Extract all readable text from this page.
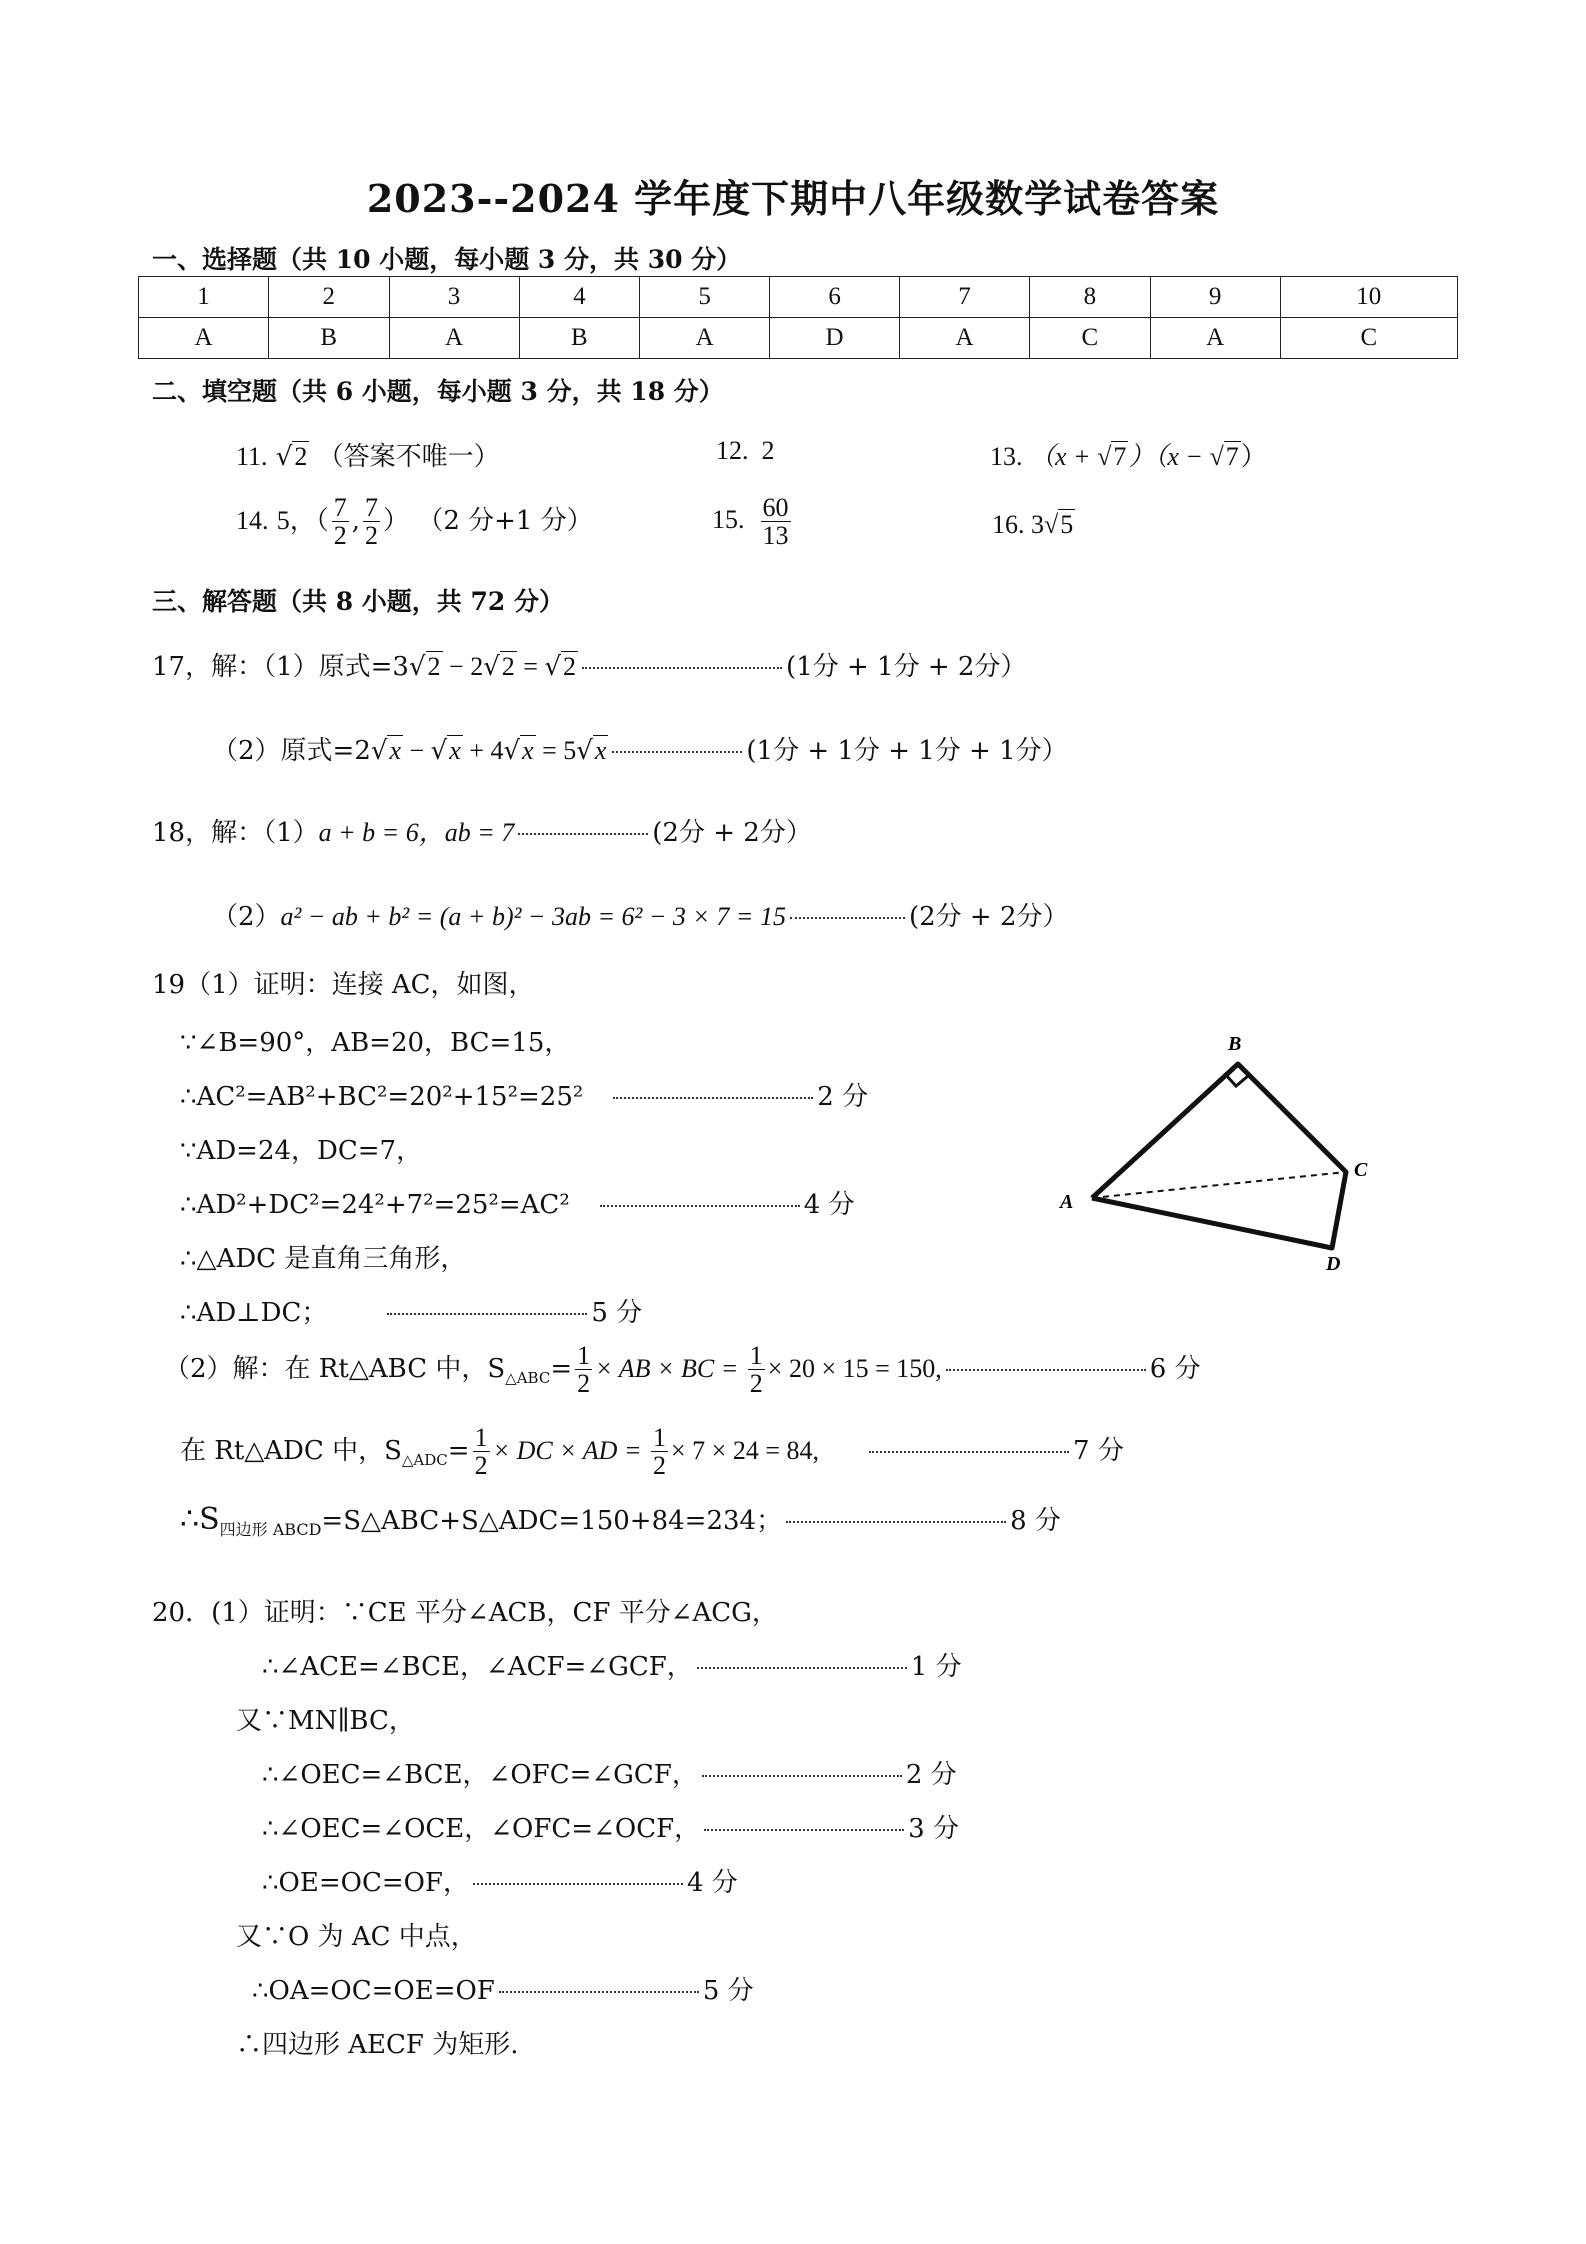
2023--2024 学年度下期中八年级数学试卷答案
一、选择题（共 10 小题，每小题 3 分，共 30 分）
1	2	3	4	5	6	7	8	9	10
A	B	A	B	A	D	A	C	A	C
二、填空题（共 6 小题，每小题 3 分，共 18 分）
11. √2 （答案不唯一）	12. 2	13. （x + √7）（x − √7）
14. 5，（ $\frac{7}{2}$ , $\frac{7}{2}$ ） （2 分+1 分）	15. $\frac{60}{13}$	16. 3√5
三、解答题（共 8 小题，共 72 分）
17，解：（1）原式=3√2 − 2√2 = √2	(1分 + 1分 + 2分）
（2）原式=2√x − √x + 4√x = 5√x	(1分 + 1分 + 1分 + 1分）
18，解：（1）a + b = 6，ab = 7	(2分 + 2分）
（2）a² − ab + b² = (a + b)² − 3ab = 6² − 3 × 7 = 15	(2分 + 2分）
19（1）证明：连接 AC，如图，
∵∠B=90°，AB=20，BC=15，
∴AC²=AB²+BC²=20²+15²=25²	2 分
∵AD=24，DC=7，
∴AD²+DC²=24²+7²=25²=AC²	4 分
∴△ADC 是直角三角形，
∴AD⊥DC；	5 分
（2）解：在 Rt△ABC 中，$S_{\triangle ABC}= \frac{1}{2}$ × AB × BC = $\frac{1}{2} \times 20 \times 15 = 150$,	6 分
在 Rt△ADC 中，$S_{\triangle ADC}= \frac{1}{2}$ × DC × AD = $\frac{1}{2} \times 7 \times 24 = 84$,	7 分
$\therefore S_{四边形 ABCD}=S\triangle ABC+S\triangle ADC=150+84=234$；	8 分
B
C
A
D
20．(1）证明：∵CE 平分∠ACB，CF 平分∠ACG，
∴∠ACE=∠BCE，∠ACF=∠GCF，	1 分
又∵MN∥BC，
∴∠OEC=∠BCE，∠OFC=∠GCF，	2 分
∴∠OEC=∠OCE，∠OFC=∠OCF，	3 分
∴OE=OC=OF，	4 分
又∵O 为 AC 中点，
∴OA=OC=OE=OF	5 分
∴四边形 AECF 为矩形.
